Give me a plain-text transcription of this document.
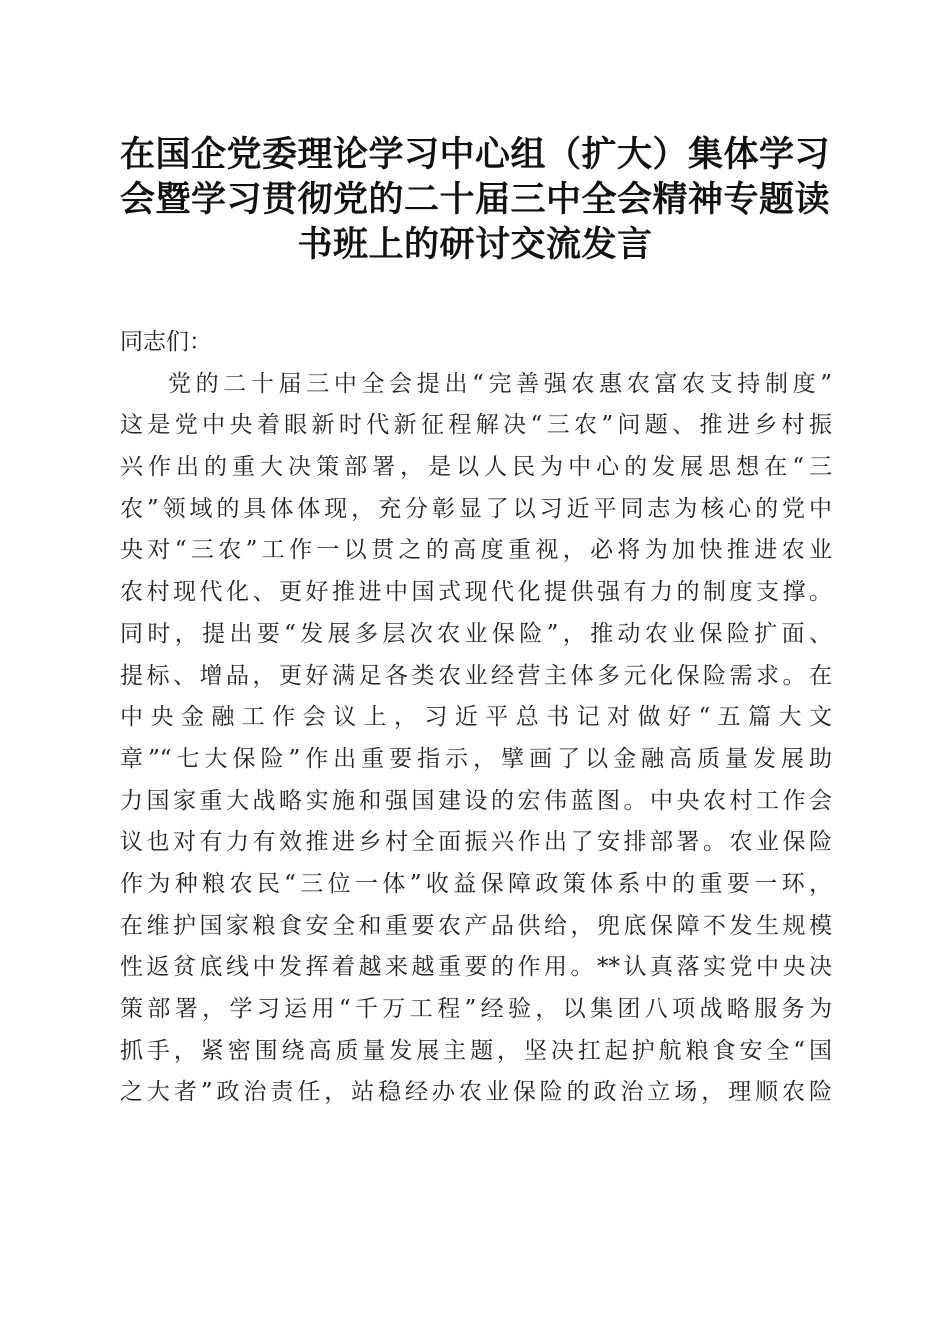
在国企党委理论学习中心组（扩大）集体学习
会暨学习贯彻党的二十届三中全会精神专题读
书班上的研讨交流发言
同志们：
党的二十届三中全会提出“完善强农惠农富农支持制度”
这是党中央着眼新时代新征程解决“三农”问题、推进乡村振
兴作出的重大决策部署，是以人民为中心的发展思想在“三
农”领域的具体体现，充分彰显了以习近平同志为核心的党中
央对“三农”工作一以贯之的高度重视，必将为加快推进农业
农村现代化、更好推进中国式现代化提供强有力的制度支撑。
同时，提出要“发展多层次农业保险”，推动农业保险扩面、
提标、增品，更好满足各类农业经营主体多元化保险需求。在
中央金融工作会议上，习近平总书记对做好“五篇大文
章”“七大保险”作出重要指示，擘画了以金融高质量发展助
力国家重大战略实施和强国建设的宏伟蓝图。中央农村工作会
议也对有力有效推进乡村全面振兴作出了安排部署。农业保险
作为种粮农民“三位一体”收益保障政策体系中的重要一环，
在维护国家粮食安全和重要农产品供给，兜底保障不发生规模
性返贫底线中发挥着越来越重要的作用。**认真落实党中央决
策部署，学习运用“千万工程”经验，以集团八项战略服务为
抓手，紧密围绕高质量发展主题，坚决扛起护航粮食安全“国
之大者”政治责任，站稳经办农业保险的政治立场，理顺农险
